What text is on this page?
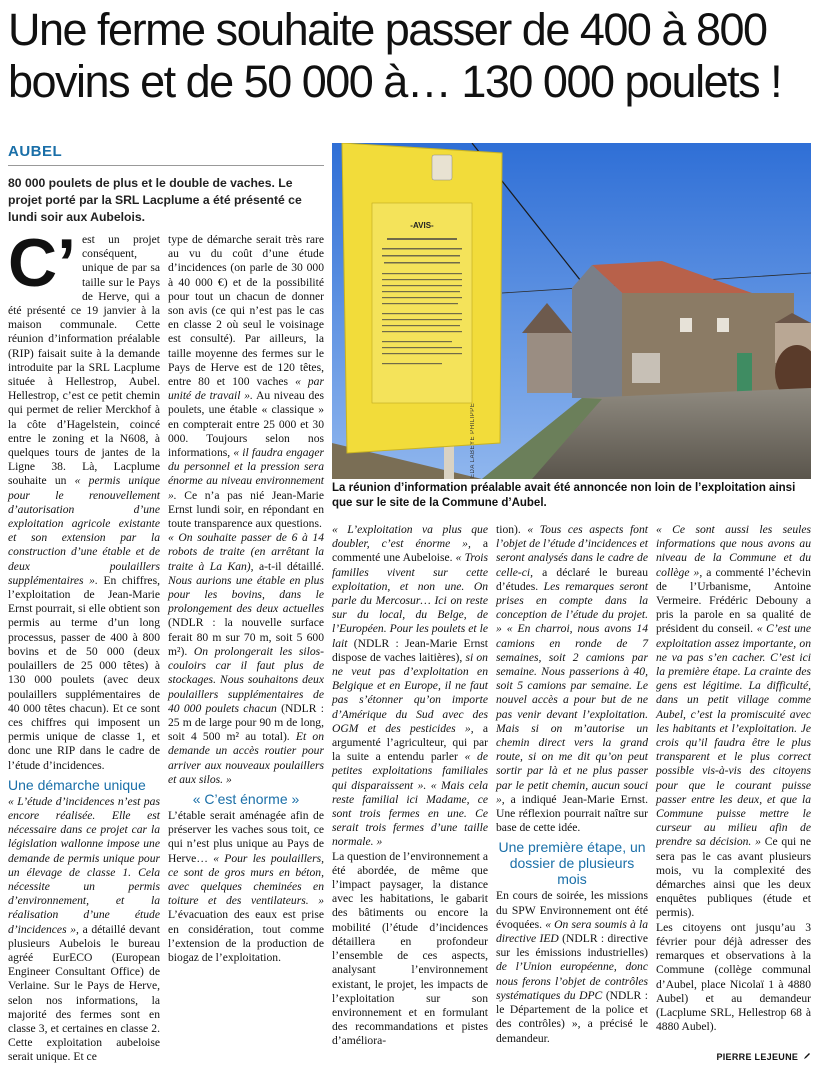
Une ferme souhaite passer de 400 à 800
bovins et de 50 000 à… 130 000 poulets !
AUBEL
80 000 poulets de plus et le double de vaches. Le projet porté par la SRL Lacplume a été présenté ce lundi soir aux Aubelois.
-AVIS-
EDA LABEYE PHILIPPE
La réunion d’information préalable avait été annoncée non loin de l’exploitation ainsi que sur le site de la Commune d’Aubel.

C’ est un projet conséquent, unique de par sa taille sur le Pays de Herve, qui a été présenté ce 19 janvier à la maison communale. Cette réunion d’information préalable (RIP) faisait suite à la demande introduite par la SRL Lacplume située à Hellestrop, Aubel. Hellestrop, c’est ce petit chemin qui permet de relier Merckhof à la côte d’Hagelstein, coincé entre le zoning et la N608, à quelques tours de jantes de la Ligne 38. Là, Lacplume souhaite un « permis unique pour le renouvellement d’autorisation d’une exploitation agricole existante et son extension par la construction d’une étable et de deux poulaillers supplémentaires ». En chiffres, l’exploitation de Jean-Marie Ernst pourrait, si elle obtient son permis au terme d’un long processus, passer de 400 à 800 bovins et de 50 000 (deux poulaillers de 25 000 têtes) à 130 000 poulets (avec deux poulaillers supplémentaires de 40 000 têtes chacun). Et ce sont ces chiffres qui imposent un permis unique de classe 1, et donc une RIP dans le cadre de l’étude d’incidences.

Une démarche unique

« L’étude d’incidences n’est pas encore réalisée. Elle est nécessaire dans ce projet car la législation wallonne impose une demande de permis unique pour un élevage de classe 1. Cela nécessite un permis d’environnement, et la réalisation d’une étude d’incidences », a détaillé devant plusieurs Aubelois le bureau agréé EurECO (European Engineer Consultant Office) de Verlaine. Sur le Pays de Herve, selon nos informations, la majorité des fermes sont en classe 3, et certaines en classe 2. Cette exploitation aubeloise serait unique. Et ce

type de démarche serait très rare au vu du coût d’une étude d’incidences (on parle de 30 000 à 40 000 €) et de la possibilité pour tout un chacun de donner son avis (ce qui n’est pas le cas en classe 2 où seul le voisinage est consulté). Par ailleurs, la taille moyenne des fermes sur le Pays de Herve est de 120 têtes, entre 80 et 100 vaches « par unité de travail ». Au niveau des poulets, une étable « classique » en compterait entre 25 000 et 30 000. Toujours selon nos informations, « il faudra engager du personnel et la pression sera énorme au niveau environnement ». Ce n’a pas nié Jean-Marie Ernst lundi soir, en répondant en toute transparence aux questions.

« On souhaite passer de 6 à 14 robots de traite (en arrêtant la traite à La Kan), a-t-il détaillé. Nous aurions une étable en plus pour les bovins, dans le prolongement des deux actuelles (NDLR : la nouvelle surface ferait 80 m sur 70 m, soit 5 600 m²). On prolongerait les silos-couloirs car il faut plus de stockages. Nous souhaitons deux poulaillers supplémentaires de 40 000 poulets chacun (NDLR : 25 m de large pour 90 m de long, soit 4 500 m² au total). Et on demande un accès routier pour arriver aux nouveaux poulaillers et aux silos. »

« C’est énorme »

L’étable serait aménagée afin de préserver les vaches sous toit, ce qui n’est plus unique au Pays de Herve… « Pour les poulaillers, ce sont de gros murs en béton, avec quelques cheminées en toiture et des ventilateurs. » L’évacuation des eaux est prise en considération, tout comme l’extension de la production de biogaz de l’exploitation.

« L’exploitation va plus que doubler, c’est énorme », a commenté une Aubeloise. « Trois familles vivent sur cette exploitation, et non une. On parle du Mercosur… Ici on reste sur du local, du Belge, de l’Européen. Pour les poulets et le lait (NDLR : Jean-Marie Ernst dispose de vaches laitières), si on ne veut pas d’exploitation en Belgique et en Europe, il ne faut pas s’étonner qu’on importe d’Amérique du Sud avec des OGM et des pesticides », a argumenté l’agriculteur, qui par la suite a entendu parler « de petites exploitations familiales qui disparaissent ». « Mais cela reste familial ici Madame, ce sont trois fermes en une. Ce serait trois fermes d’une taille normale. »

La question de l’environnement a été abordée, de même que l’impact paysager, la distance avec les habitations, le gabarit des bâtiments ou encore la mobilité (l’étude d’incidences détaillera en profondeur l’ensemble de ces aspects, analysant l’environnement existant, le projet, les impacts de l’exploitation sur son environnement et en formulant des recommandations et pistes d’améliora-

tion). « Tous ces aspects font l’objet de l’étude d’incidences et seront analysés dans le cadre de celle-ci, a déclaré le bureau d’études. Les remarques seront prises en compte dans la conception de l’étude du projet. » « En charroi, nous avons 14 camions en ronde de 7 semaines, soit 2 camions par semaine. Nous passerions à 40, soit 5 camions par semaine. Le nouvel accès a pour but de ne pas venir devant l’exploitation. Mais si on m’autorise un chemin direct vers la grand route, si on me dit qu’on peut sortir par là et ne plus passer par le petit chemin, aucun souci », a indiqué Jean-Marie Ernst. Une réflexion pourrait naître sur base de cette idée.

Une première étape, un dossier de plusieurs mois

En cours de soirée, les missions du SPW Environnement ont été évoquées. « On sera soumis à la directive IED (NDLR : directive sur les émissions industrielles) de l’Union européenne, donc nous ferons l’objet de contrôles systématiques du DPC (NDLR : le Département de la police et des contrôles) », a précisé le demandeur.

« Ce sont aussi les seules informations que nous avons au niveau de la Commune et du collège », a commenté l’échevin de l’Urbanisme, Antoine Vermeire. Frédéric Debouny a pris la parole en sa qualité de président du conseil. « C’est une exploitation assez importante, on ne va pas s’en cacher. C’est ici la première étape. La crainte des gens est légitime. La difficulté, dans un petit village comme Aubel, c’est la promiscuité avec les habitants et l’exploitation. Je crois qu’il faudra être le plus transparent et le plus correct possible vis-à-vis des citoyens pour que le courant puisse passer entre les deux, et que la Commune puisse mettre le curseur au milieu afin de prendre sa décision. » Ce qui ne sera pas le cas avant plusieurs mois, vu la complexité des démarches ainsi que les deux enquêtes publiques (étude et permis).

Les citoyens ont jusqu’au 3 février pour déjà adresser des remarques et observations à la Commune (collège communal d’Aubel, place Nicolaï 1 à 4880 Aubel) et au demandeur (Lacplume SRL, Hellestrop 68 à 4880 Aubel).

PIERRE LEJEUNE
